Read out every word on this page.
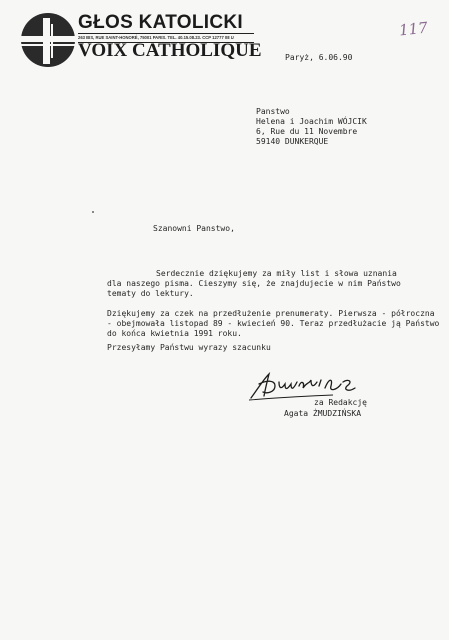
GŁOS KATOLICKI
263 BIS, RUE SAINT-HONORÉ, 75001 PARIS. TEL. 40.15.08.23. CCP 12777 08 U
VOIX CATHOLIQUE
117
Paryż, 6.06.90
Panstwo
Helena i Joachim WÓJCIK
6, Rue du 11 Novembre
59140 DUNKERQUE
Szanowni Panstwo,
Serdecznie dziękujemy za miły list i słowa uznania
dla naszego pisma. Cieszymy się, że znajdujecie w nim Państwo
tematy do lektury.
Dziękujemy za czek na przedłużenie prenumeraty. Pierwsza - półroczna
- obejmowała listopad 89 - kwiecień 90. Teraz przedłużacie ją Państwo
do końca kwietnia 1991 roku.
Przesyłamy Państwu wyrazy szacunku
za Redakcję
Agata ŻMUDZIŃSKA
